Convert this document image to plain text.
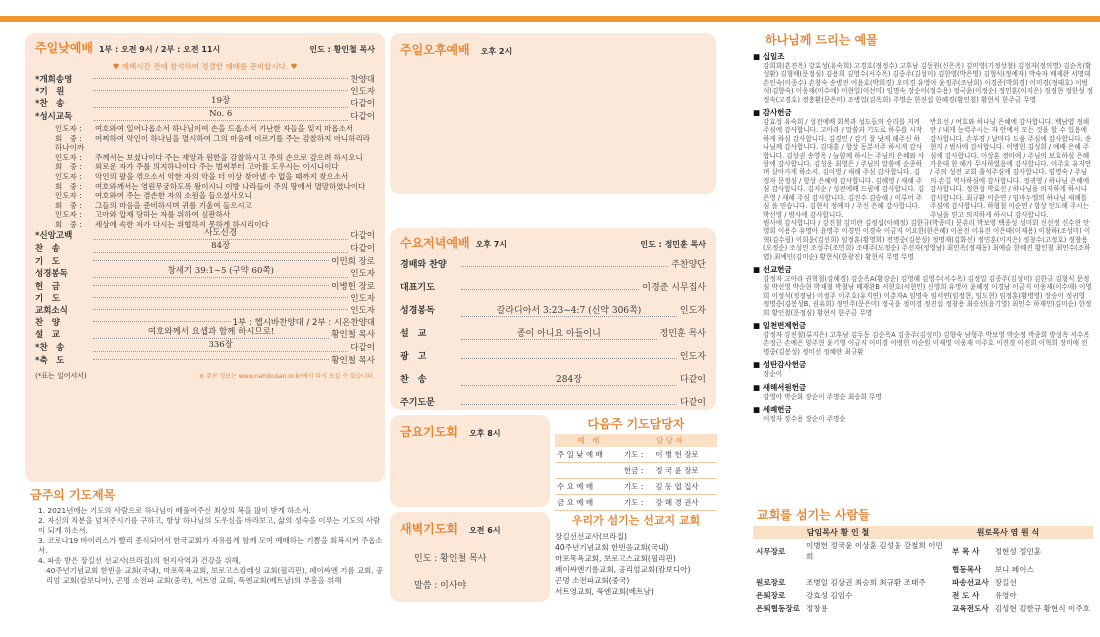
주일낮예배 1부 : 오전 9시 / 2부 : 오전 11시	인도 : 황인철 목사
♥ 예배시간 전에 참석하여 정결한 예배를 준비합시다. ♥
*개회송영	찬양대
*기　원	인도자
*찬　송	19장	다같이
*성시교독	No. 6	다같이
인도자 : 여호와여 일어나옵소서 하나님이여 손을 드옵소서 가난한 자들을 잊지 마옵소서
회　중 : 어찌하여 악인이 하나님을 멸시하여 그의 마음에 이르기를 주는 감찰하지 아니하리라 하나이까
인도자 : 주께서는 보셨나이다 주는 재앙과 원한을 감찰하시고 주의 손으로 갚으려 하시오니
회　중 : 외로운 자가 주를 의지하나이다 주는 벌써부터 고아를 도우시는 이시니이다
인도자 : 악인의 팔을 꺾으소서 악한 자의 악을 더 이상 찾아낼 수 없을 때까지 찾으소서
회　중 : 여호와께서는 영원무궁하도록 왕이시니 이방 나라들이 주의 땅에서 멸망하였나이다
인도자 : 여호와여 주는 겸손한 자의 소원을 들으셨사오니
회　중 : 그들의 마음을 준비하시며 귀를 기울여 들으시고
인도자 : 고아와 압제 당하는 자를 위하여 심판하사
회　중 : 세상에 속한 자가 다시는 위협하지 못하게 하시리이다
*신앙고백	사도신경	다같이
찬　송	84장	다같이
기　도	이민희 장로
성경봉독	창세기 39:1~5 (구약 60쪽)	인도자
헌　금	이병헌 장로
기　도	인도자
교회소식	인도자
찬　양	1부 : 헵시바찬양대 / 2부 : 시온찬양대
설　교	여호와께서 요셉과 함께 하시므로!	황인철 목사
*찬　송	336장	다같이
*축　도	황인철 목사
(*표는 일어서서)	※ 주보 정보는 www.nambusan.or.kr에서 다시 보실 수 있습니다.
금주의 기도제목
1. 2021년에는 기도의 사람으로 하나님이 베풀어주신 최상의 복을 많이 받게 하소서.
2. 자신의 직분을 넘쳐주시기를 구하고, 항상 하나님의 도우심을 바라보고, 삶의 성숙을 이루는 기도의 사람이 되게 하소서.
3. 코로나19 바이러스가 빨리 종식되어서 한국교회가 자유롭게 함께 모여 예배하는 기쁨을 회복시켜 주옵소서.
4. 파송 받은 장길선 선교사(브라질)의 현지사역과 건강을 위해,
40주년기념교회 한빈음 교회(국내), 마포목욕교회, 보로고스캄레싱 교회(필리핀), 페이싸엔 기름 교회, 공리엄 교회(캄보디아), 곤명 소전파 교회(중국), 서트영 교회, 푹엔교회(베트남)의 부흥을 위해
주일오후예배 오후 2시
수요저녁예배 오후 7시	인도 : 정민훈 목사
경배와 찬양	주찬양단
대표기도	이경준 시무집사
성경봉독	갈라디아서 3:23~4:7 (신약 306쪽)	인도자
설　교	종이 아니요 아들이니	정민훈 목사
광　고	인도자
찬　송	284장	다같이
주기도문	다같이
금요기도회 오후 8시
다음주 기도담당자
예　배	담 당 자	
주 일 낮 예 배	기도 :	이 병 헌 장로
	헌금 :	정 국 윤 장로
수 요 예 배	기도 :	김 동 엽 집사
금 요 예 배	기도 :	강 혜 경 권사
새벽기도회 오전 6시
인도 : 황인철 목사
말씀 : 이사야
우리가 섬기는 선교지 교회
장길선선교사(브라질)
40주년기념교회 한빈음교회(국내)
마포목욕교회, 보로고스교회(필리핀)
페이싸엔기름교회, 공리엄교회(캄보디아)
곤명 소전파교회(중국)
서트영교회, 푹엔교회(베트남)
하나님께 드리는 예물
■ 십일조
강희희(흔진옥) 강효성(유숙희) 고경호(정정수) 고후남 김동원(신은옥) 김미영(기정상철) 김정자(정의명) 김순옥(황성환) 김형배(문정심) 김용희 김영수(서수옥) 김중주(김성미) 김한영(박은영) 김형식(정예자) 박숙자 배재완 서명대 손인숙(이종수) 손창숙 송병진 어윤호(박희경) 오미경 유영아 윤정주(조남희) 이경준(박희경) 이미경(정태호) 이범석(김향숙) 이웅재(이수애) 이현일(이선미) 임명숙 장순이(정수용) 정국윤(이정순) 정민훈(이지은) 정정현 정한성 정정숙(고경호) 정충환(문은미) 조병업(김옥희) 주명순 한진섭 한혜경(황인철) 황현식 한주금 무명
■ 감사헌금
강효성 유숙희 / 성전에배 회복과 성도들의 승리를 지켜주심에 감사합니다. 고아라 / 말씀과 기도로 하루를 시작하게 하심 감사합니다. 김경민 / 감기 잘 낫게 해주신 하나님께 감사합니다. 김대흥 / 항상 동분서주 하시게 감사합니다. 김상권 송영옥 / 늘함께 하시는 주님의 은혜와 사랑에 감사합니다. 김성웅 최영은 / 주님의 말씀에 순종하며 살아가게 하소서. 김이영 / 새해 주심 감사합니다. 김정자 문정심 / 항상 은혜에 감사합니다. 김혜영 / 새해 주심 감사합니다. 김지순 / 성전에배 드림에 감사합니다. 김은영 / 새해 주심 감사합니다. 김진수 김승혜 / 이루어 주심 을 믿습니다. 김현식 정예자 / 주신 은혜 감사합니다. 박선영 / 범사에 감사합니다.
반요선 / 여호와 하나님 은혜에 감사합니다. 백남엽 정해란 / 내게 능력주시는 자 안에서 모든 것을 할 수 있음에 감사합니다. 손부경 / 날마다 도움 주심에 감사합니다. 송현지 / 범사에 감사합니다. 이병헌 김성희 / 예배 은혜 주심에 감사합니다. 이상훈 정미애 / 주님의 보호하심 은혜 가운데 한 해가 무사하였음에 감사합니다. 이주호 유지연 / 주의 성전 교회 출석주심에 감사합니다. 임명숙 / 주님의 손길 역사하심에 감사합니다. 정귀영 / 하나님 은혜에 감사합니다. 정현성 박효선 / 하나님을 의지하게 하시니 감사합니다. 최규환 이순연 / 임마누엘의 하나님 새해를 주심에 감사합니다. 하형철 이순연 / 항상 인도해 주시는 주님을 믿고 의지하게 하시니 감사합니다.
범사에 감사합니다 / 강진철 김미란 김정섭(이혜정) 김한규(박종미) 문쥬리 박보영 백종성 성미회 신선정 신수현 안영희 이용수 유명아 윤명주 이경민 이경숙 이금지 이요한(한은혜) 이용진 이유진 이은태(이재용) 이창하(조성미) 이혁(김수림) 이희윤(김선희) 임정훈(황영희) 전명중(김봉성) 정명재(김화선) 정민훈(이지은) 정창수(고정호) 정창용(오정순) 조성민 조성주(조민희) 조태주(도정순) 주선자(정영남) 최민옥(정재동) 최예슬 한혜진 황인철 최민수(조하엽) 최예인(김미순) 황현식(한광진) 황현식 무명 무명
■ 선교헌금
강정자 고아라 권혁철(강혜경) 김순옥A(황강순) 김영혜 김영수(서수옥) 김정일 김종주(김성미) 김한규 김형식 문정심 박선영 박순현 박재철 박철남 배재완B 서현호(서현민) 신영희 유명아 윤혜정 이경남 이금지 이웅재(이수애) 이영희 이정석(정정남) 이정주 이주호(유지연) 이춘자A 임명숙 임서연(임정현, 임도현) 임정훈(황명영) 장승이 정귀영 정명중(김봉성B, 권유희) 정민주(문은미) 정국윤 정미경 정진섭 정창용 최승선(윤기영) 최민수 하재민(김미순) 한정희 황인철(문정심) 황현식 한주금 무명
■ 일천번제헌금
강정자 강진철(류지은) 고후남 김두동 김순옥A 김종주(김성미) 김향숙 남형주 박보영 박순정 박종회 방성옥 서수옥 손정근 손예은 양주현 윤기영 이금지 이미경 이병헌 이순원 이재영 이웅재 이주호 이진경 이진희 이혁희 장미애 전명중(김봉성) 정미선 정혜란 최규환
■ 성탄감사헌금
장순이
■ 새해서원헌금
강영아 박순화 장순이 주명순 최승희 무명
■ 세례헌금
이정자 장수용 장순이 주명순
교회를 섬기는 사람들
담임목사 황 인 철	원로목사 염 원 식
시무장로	이병헌 정국윤 이상훈 김성웅 강철희 이민희	부 목 사	정현성 정민훈
		협동목사	보니 페이스
원로장로	조병일 김상권 최승희 최규환 조태주	파송선교사	장길선
은퇴장로	강효성 김임수	전 도 사	유영아
은퇴협동장로	정창용	교육전도사	김성현 김한규 황현식 이주호
